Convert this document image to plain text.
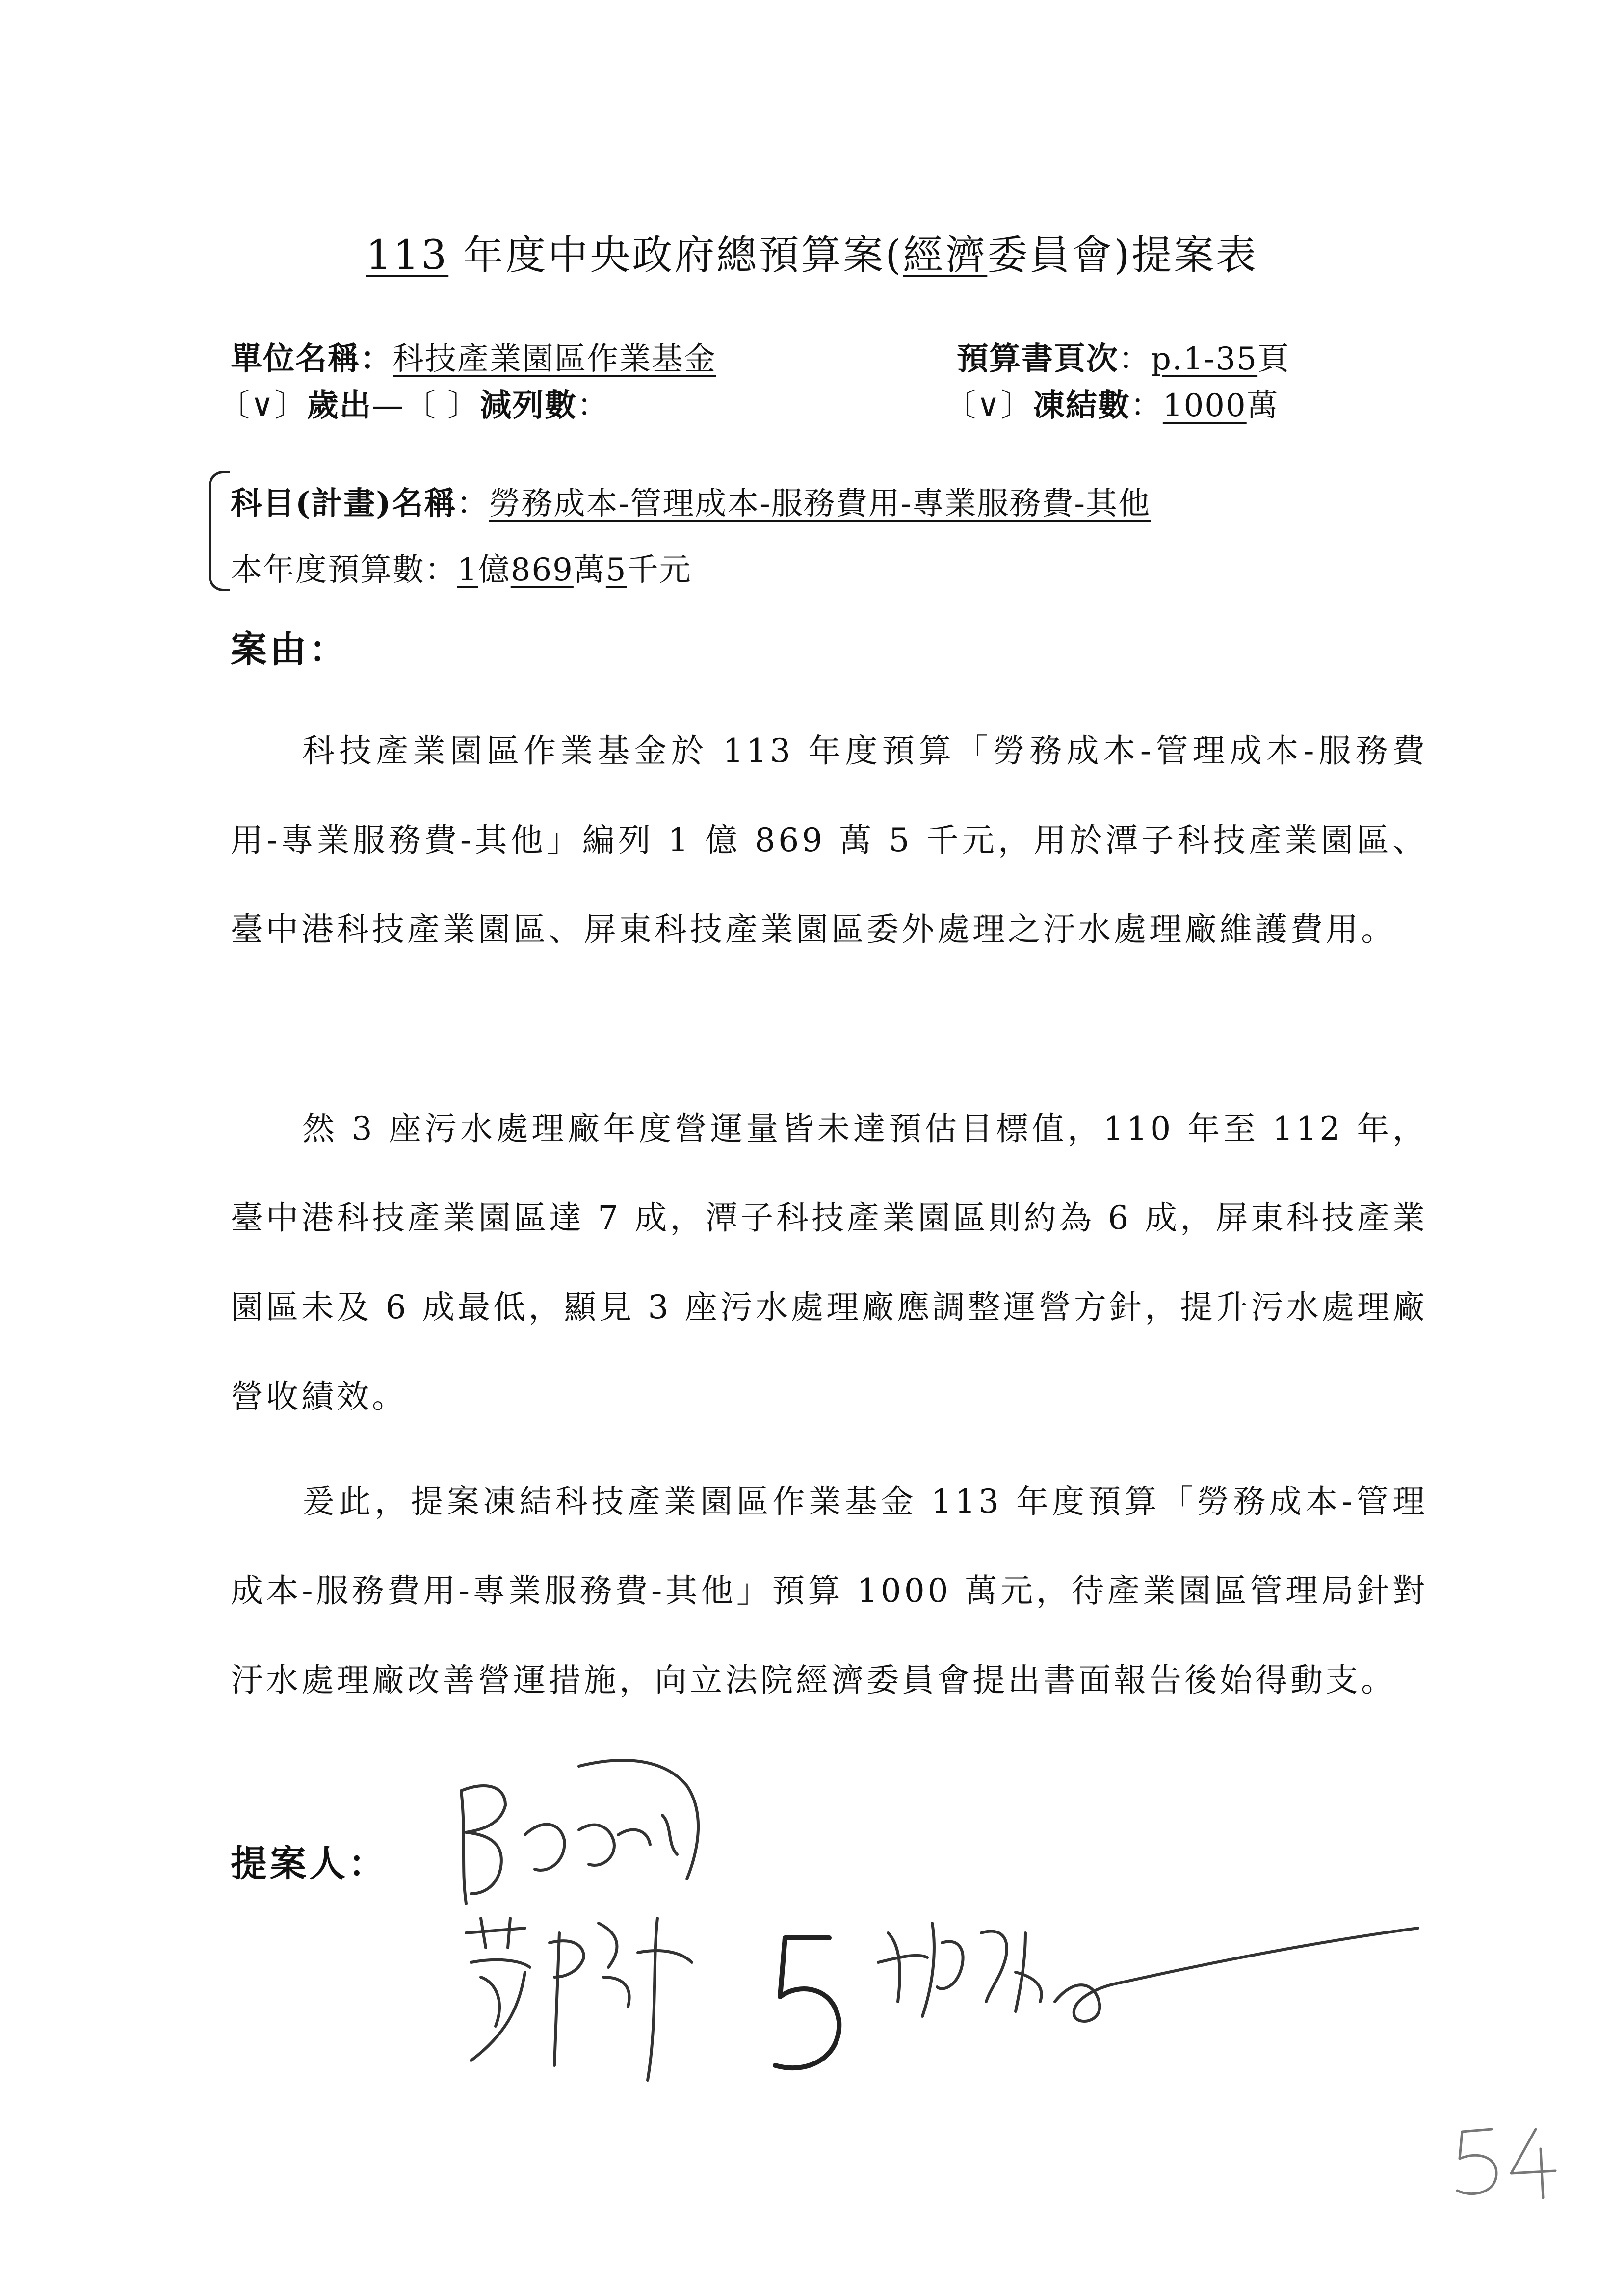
113 年度中央政府總預算案(經濟委員會)提案表
單位名稱：科技產業園區作業基金	預算書頁次：p.1-35頁
〔∨〕歲出—〔 〕減列數：	〔∨〕凍結數：1000萬
科目(計畫)名稱：勞務成本-管理成本-服務費用-專業服務費-其他
本年度預算數：1億869萬5千元
案由：
科技產業園區作業基金於 113 年度預算「勞務成本-管理成本-服務費用-專業服務費-其他」編列 1 億 869 萬 5 千元，用於潭子科技產業園區、臺中港科技產業園區、屏東科技產業園區委外處理之汙水處理廠維護費用。
然 3 座污水處理廠年度營運量皆未達預估目標值，110 年至 112 年，臺中港科技產業園區達 7 成，潭子科技產業園區則約為 6 成，屏東科技產業園區未及 6 成最低，顯見 3 座污水處理廠應調整運營方針，提升污水處理廠營收績效。
爰此，提案凍結科技產業園區作業基金 113 年度預算「勞務成本-管理成本-服務費用-專業服務費-其他」預算 1000 萬元，待產業園區管理局針對汙水處理廠改善營運措施，向立法院經濟委員會提出書面報告後始得動支。
提案人：
